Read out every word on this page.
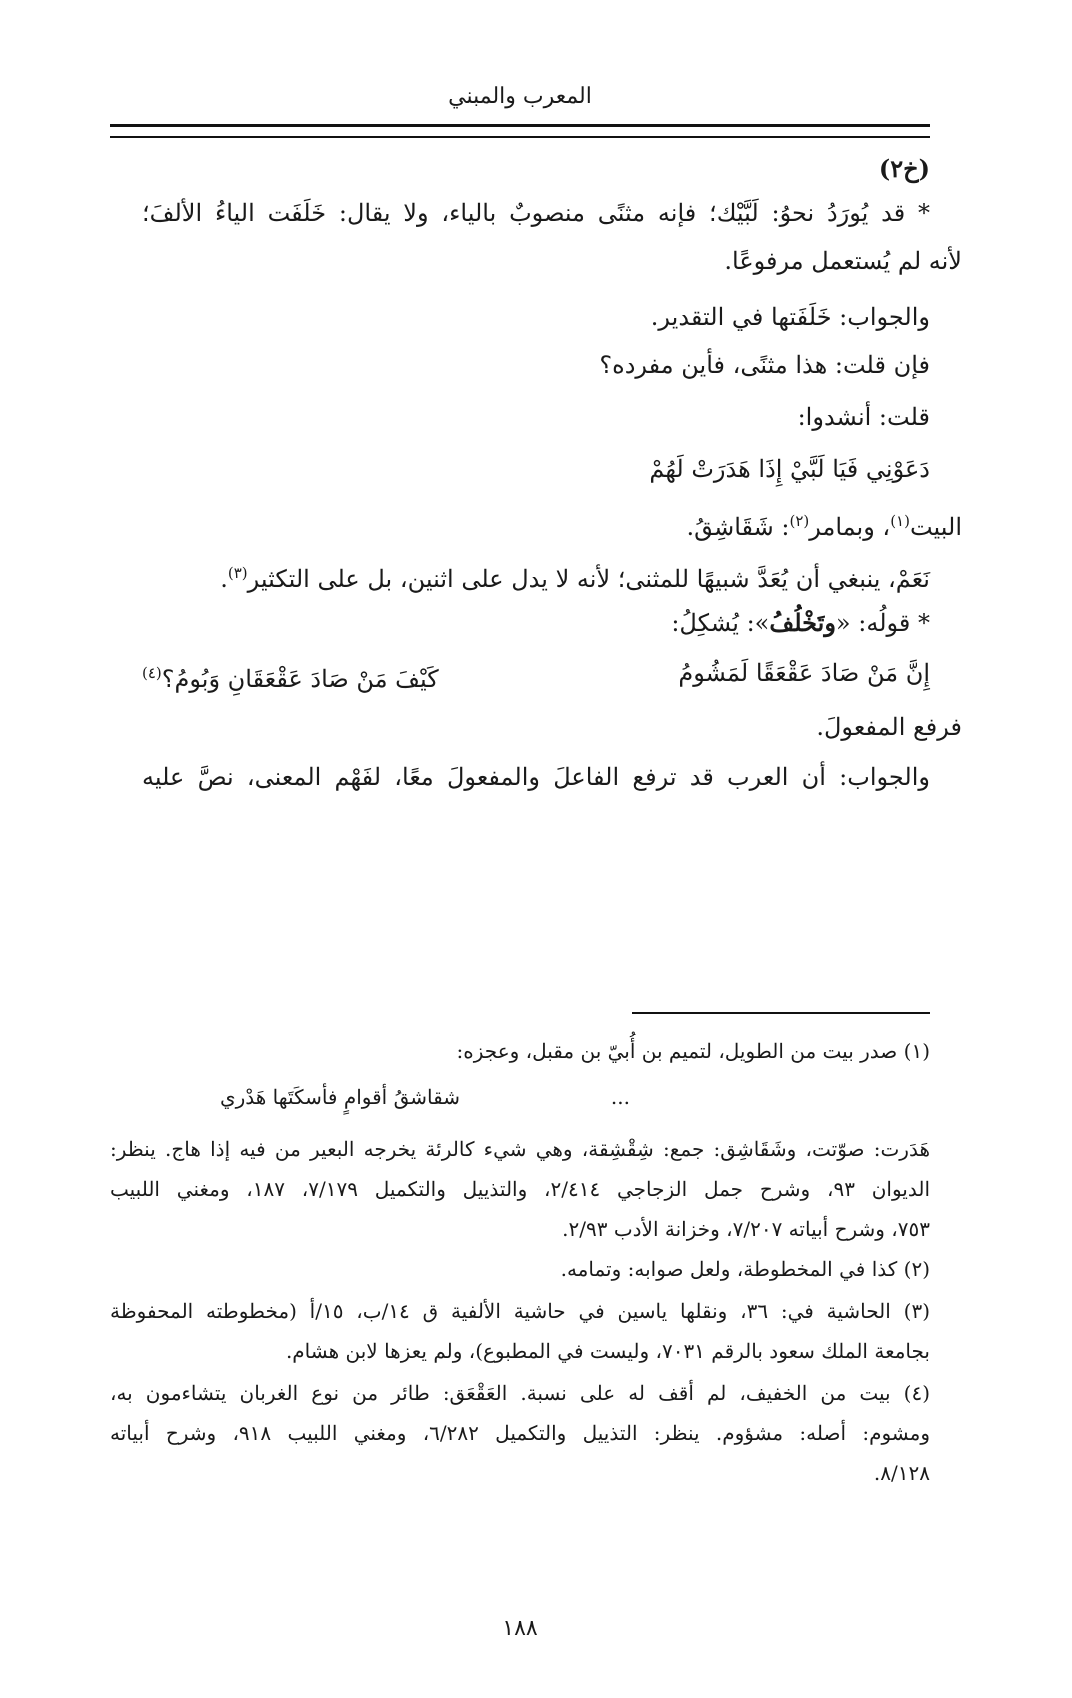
المعرب والمبني
(خ٢)
* قد يُورَدُ نحوُ: لَبَّيْك؛ فإنه مثنًى منصوبٌ بالياء، ولا يقال: خَلَفَت الياءُ الألفَ؛
لأنه لم يُستعمل مرفوعًا.
والجواب: خَلَفَتها في التقدير.
فإن قلت: هذا مثنًى، فأين مفرده؟
قلت: أنشدوا:
دَعَوْنِي فَيَا لَبَّيْ إِذَا هَدَرَتْ لَهُمْ
البيت$^{(١)}$، وبمامر$^{(٢)}$: شَقَاشِقُ.
نَعَمْ، ينبغي أن يُعَدَّ شبيهًا للمثنى؛ لأنه لا يدل على اثنين، بل على التكثير$^{(٣)}$.
* قولُه: «وتَخْلُفُ»: يُشكِلُ:
إِنَّ مَنْ صَادَ عَقْعَقًا لَمَشُومُ
كَيْفَ مَنْ صَادَ عَقْعَقَانِ وَبُومُ؟$^{(٤)}$
فرفع المفعولَ.
والجواب: أن العرب قد ترفع الفاعلَ والمفعولَ معًا، لفَهْم المعنى، نصَّ عليه
(١) صدر بيت من الطويل، لتميم بن أُبيّ بن مقبل، وعجزه:
...
شقاشقُ أقوامٍ فأسكَتَها هَدْري
هَدَرت: صوّتت، وشَقَاشِق: جمع: شِقْشِقة، وهي شيء كالرئة يخرجه البعير من فيه إذا هاج. ينظر:
الديوان ٩٣، وشرح جمل الزجاجي ٢/٤١٤، والتذييل والتكميل ٧/١٧٩، ١٨٧، ومغني اللبيب
٧٥٣، وشرح أبياته ٧/٢٠٧، وخزانة الأدب ٢/٩٣.
(٢) كذا في المخطوطة، ولعل صوابه: وتمامه.
(٣) الحاشية في: ٣٦، ونقلها ياسين في حاشية الألفية ق ١٤/ب، ١٥/أ (مخطوطته المحفوظة
بجامعة الملك سعود بالرقم ٧٠٣١، وليست في المطبوع)، ولم يعزها لابن هشام.
(٤) بيت من الخفيف، لم أقف له على نسبة. العَقْعَق: طائر من نوع الغربان يتشاءمون به،
ومشوم: أصله: مشؤوم. ينظر: التذييل والتكميل ٦/٢٨٢، ومغني اللبيب ٩١٨، وشرح أبياته
٨/١٢٨.
١٨٨
